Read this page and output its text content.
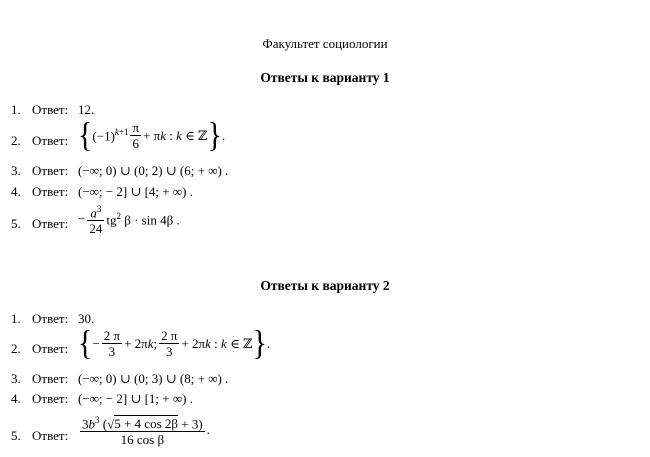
Факультет социологии
Ответы к варианту 1
1. Ответ: 12.
2. Ответ: { $(-1)^{k+1} \frac{\pi}{6} + \pi k$ : k ∈ ℤ } .
3. Ответ: (−∞; 0) ∪ (0; 2) ∪ (6; + ∞) .
4. Ответ: (−∞; − 2] ∪ [4; + ∞) .
5. Ответ: − $\frac{a^3}{24} tg^2$ β · sin 4β .
Ответы к варианту 2
1. Ответ: 30.
2. Ответ: { − $\frac{2 \pi}{3} + 2\pi k$; $\frac{2 \pi}{3} + 2\pi k$ : k ∈ ℤ } .
3. Ответ: (−∞; 0) ∪ (0; 3) ∪ (8; + ∞) .
4. Ответ: (−∞; − 2] ∪ [1; + ∞) .
5. Ответ: $\frac{3b^3 (√5 + 4 \cos 2\beta + 3)}{\text{16 cos β}}$ .
